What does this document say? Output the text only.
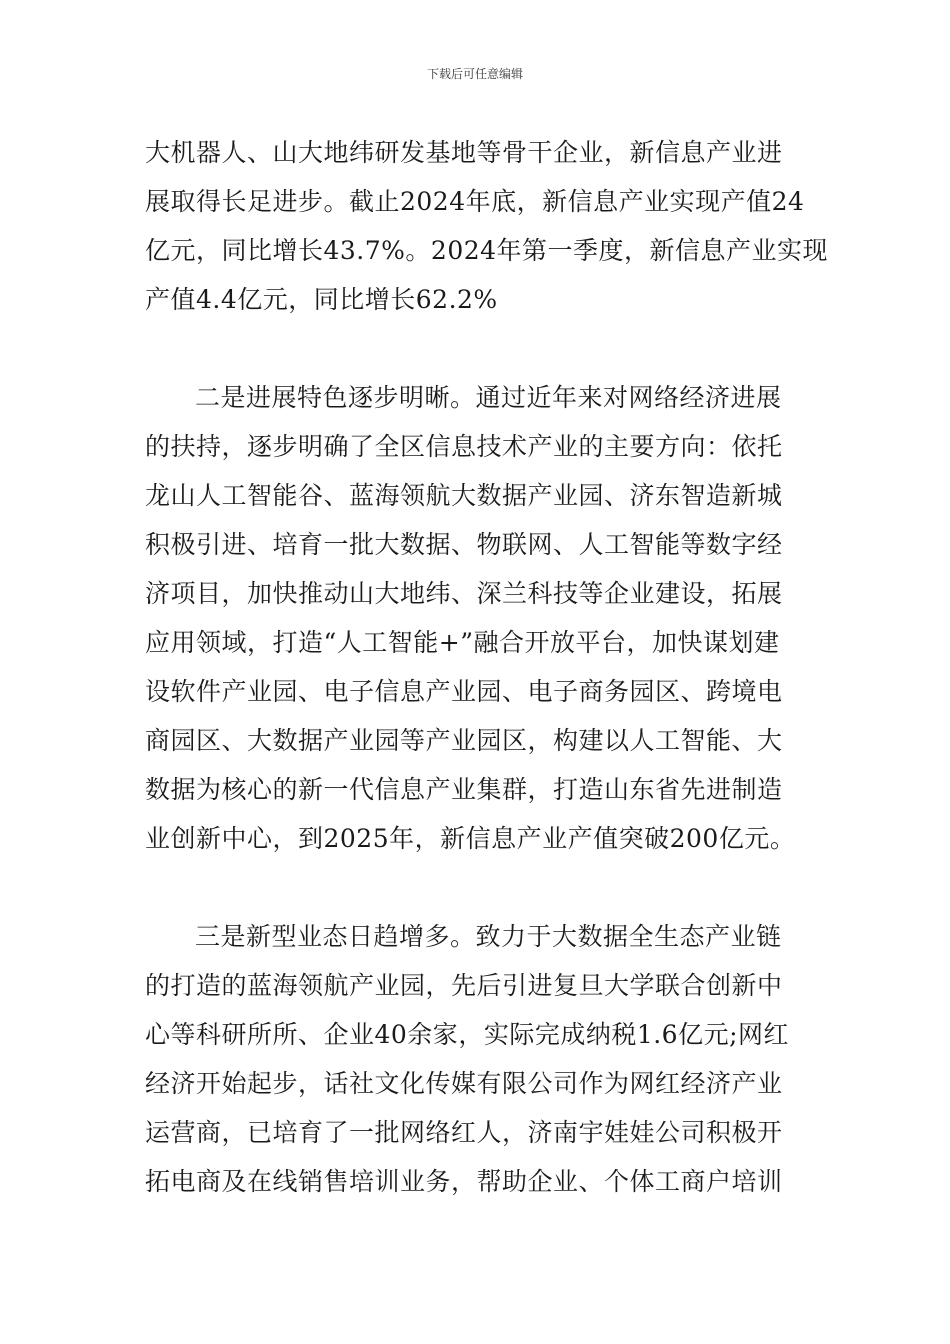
下载后可任意编辑
大机器人、山大地纬研发基地等骨干企业，新信息产业进
展取得长足进步。截止2024年底，新信息产业实现产值24
亿元，同比增长43.7%。2024年第一季度，新信息产业实现
产值4.4亿元，同比增长62.2%
二是进展特色逐步明晰。通过近年来对网络经济进展
的扶持，逐步明确了全区信息技术产业的主要方向：依托
龙山人工智能谷、蓝海领航大数据产业园、济东智造新城
积极引进、培育一批大数据、物联网、人工智能等数字经
济项目，加快推动山大地纬、深兰科技等企业建设，拓展
应用领域，打造“人工智能+”融合开放平台，加快谋划建
设软件产业园、电子信息产业园、电子商务园区、跨境电
商园区、大数据产业园等产业园区，构建以人工智能、大
数据为核心的新一代信息产业集群，打造山东省先进制造
业创新中心，到2025年，新信息产业产值突破200亿元。
三是新型业态日趋增多。致力于大数据全生态产业链
的打造的蓝海领航产业园，先后引进复旦大学联合创新中
心等科研所所、企业40余家，实际完成纳税1.6亿元;网红
经济开始起步，话社文化传媒有限公司作为网红经济产业
运营商，已培育了一批网络红人，济南宇娃娃公司积极开
拓电商及在线销售培训业务，帮助企业、个体工商户培训
